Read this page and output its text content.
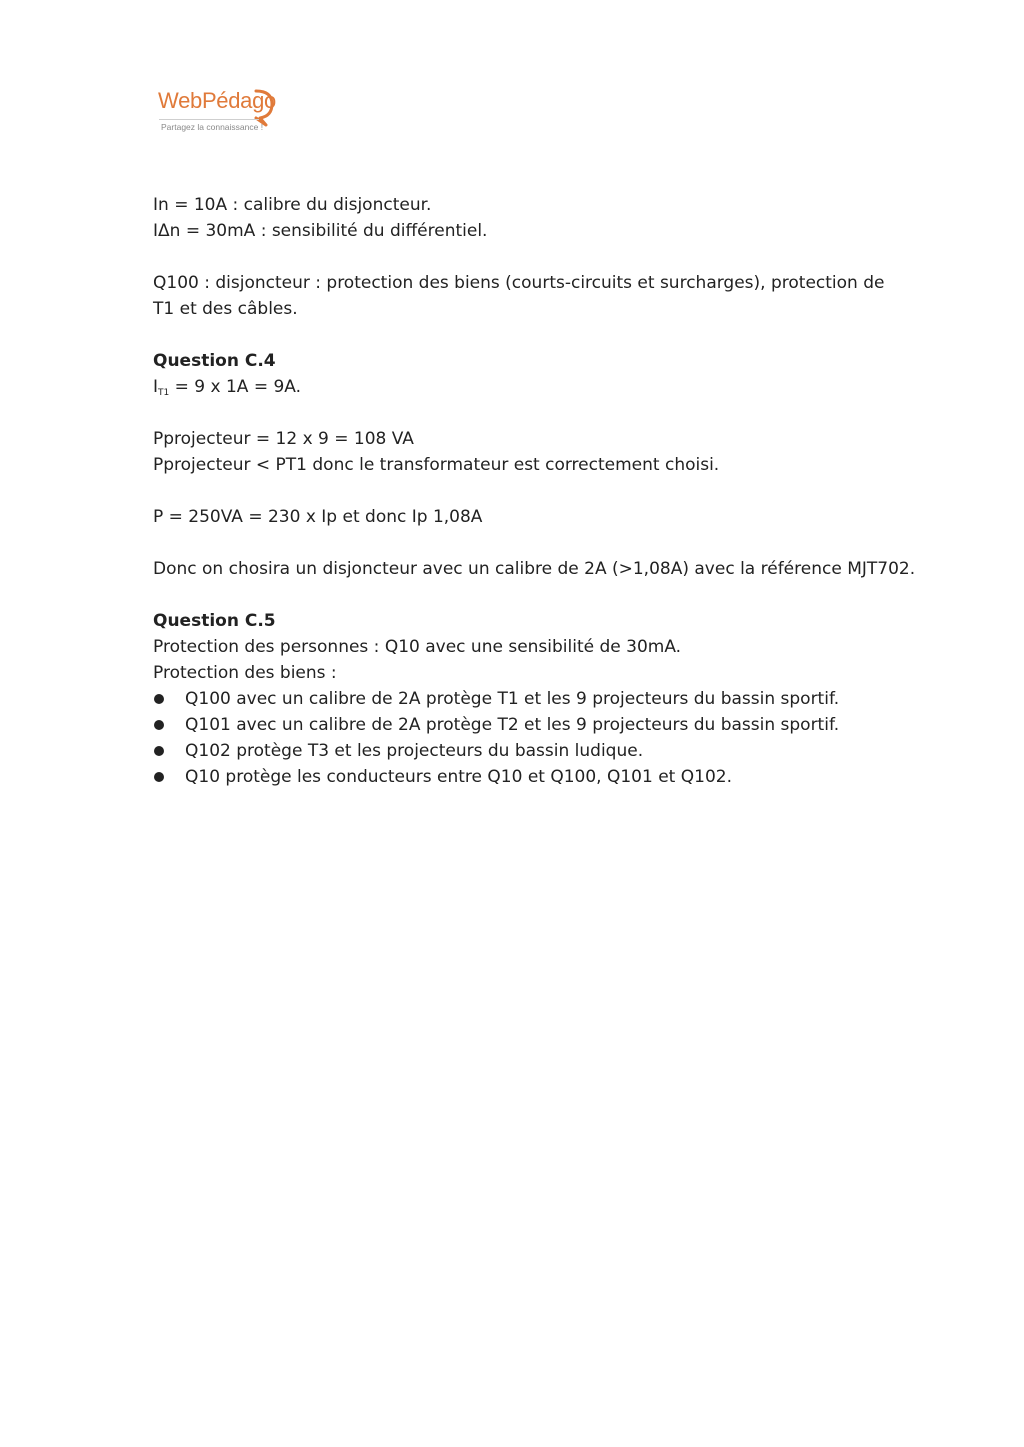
WebPédago
Partagez la connaissance !

In = 10A : calibre du disjoncteur.

IΔn = 30mA : sensibilité du différentiel.

Q100 : disjoncteur : protection des biens (courts-circuits et surcharges), protection de T1 et des câbles.

Question C.4

$I_{T1} = 9$ x 1A = 9A.

Pprojecteur = 12 x 9 = 108 VA

Pprojecteur < PT1 donc le transformateur est correctement choisi.

P = 250VA = 230 x Ip et donc Ip 1,08A

Donc on chosira un disjoncteur avec un calibre de 2A (>1,08A) avec la référence MJT702.

Question C.5

Protection des personnes : Q10 avec une sensibilité de 30mA.

Protection des biens :

Q100 avec un calibre de 2A protège T1 et les 9 projecteurs du bassin sportif.
Q101 avec un calibre de 2A protège T2 et les 9 projecteurs du bassin sportif.
Q102 protège T3 et les projecteurs du bassin ludique.
Q10 protège les conducteurs entre Q10 et Q100, Q101 et Q102.
